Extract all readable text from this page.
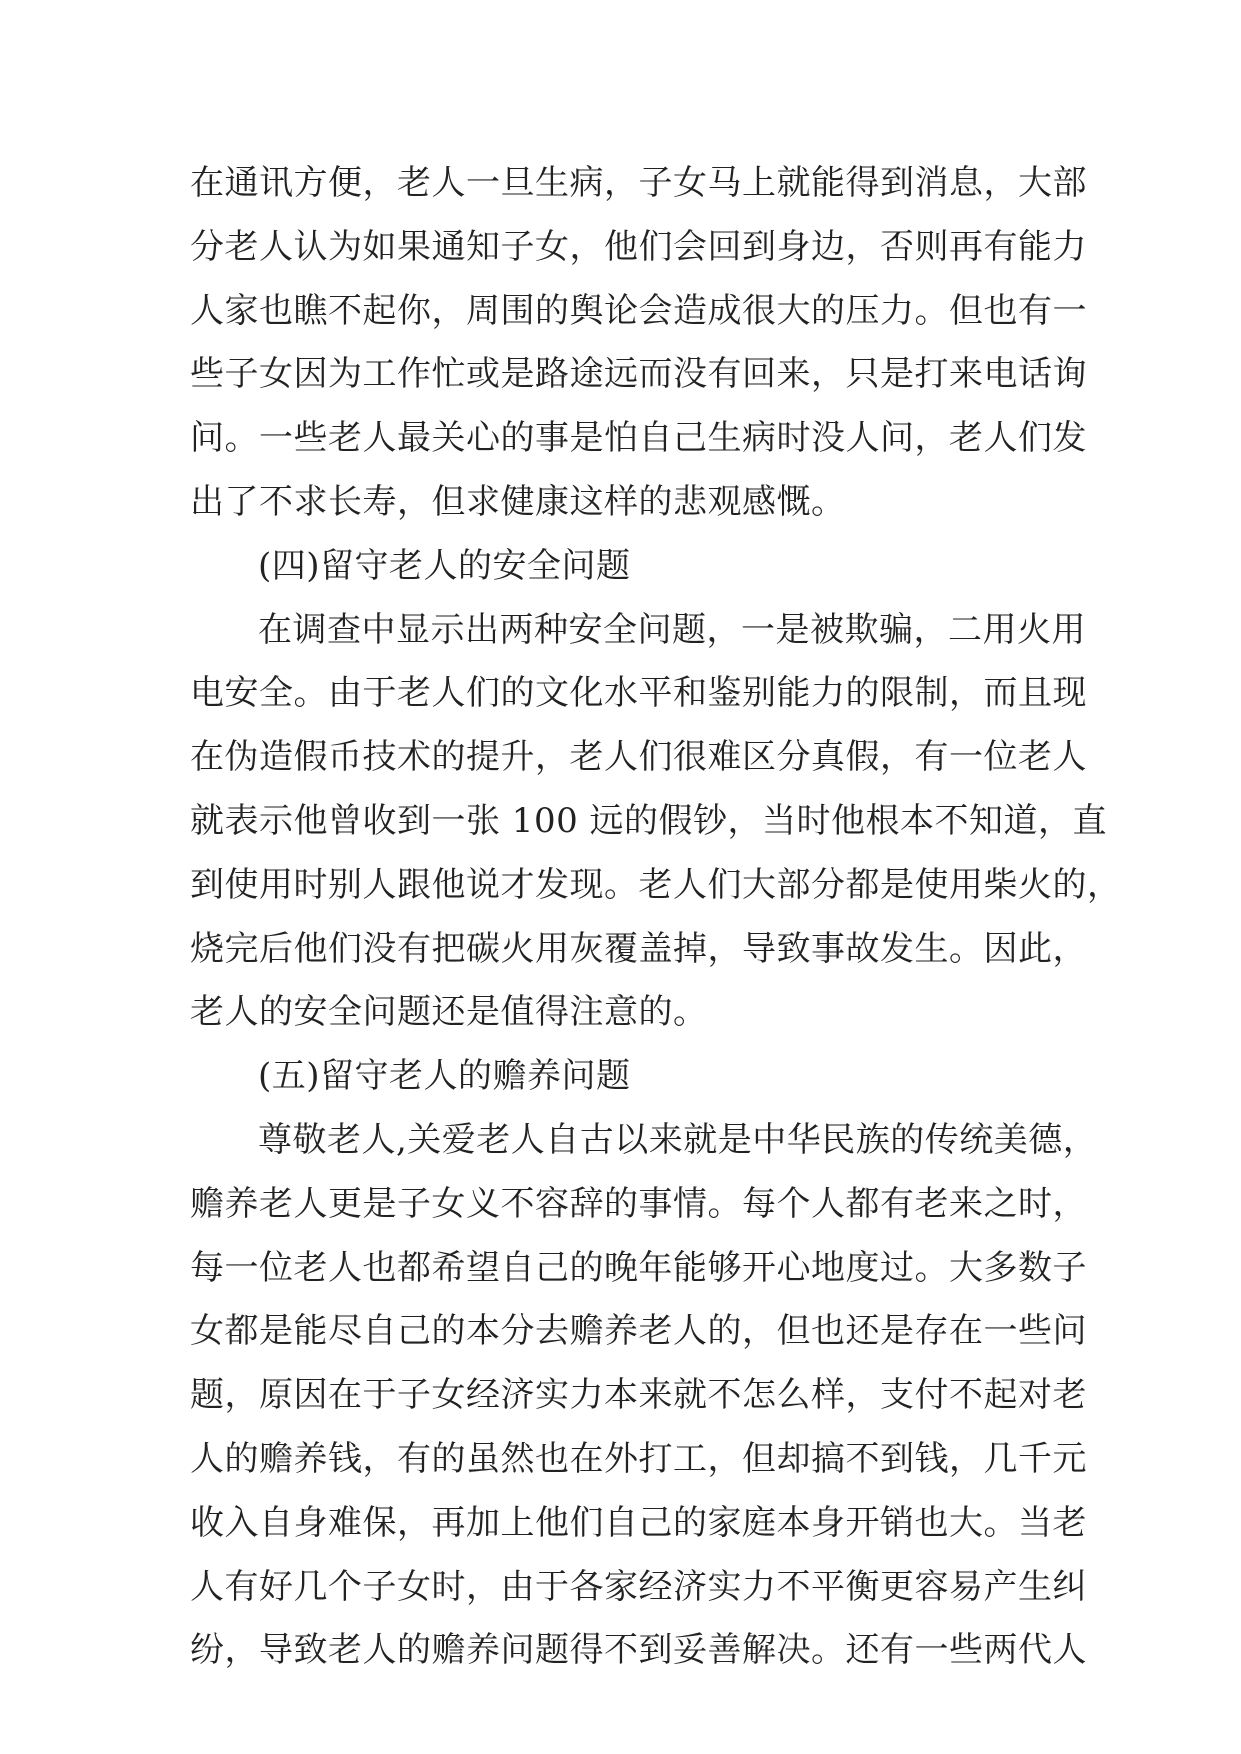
在通讯方便，老人一旦生病，子女马上就能得到消息，大部
分老人认为如果通知子女，他们会回到身边，否则再有能力
人家也瞧不起你，周围的舆论会造成很大的压力。但也有一
些子女因为工作忙或是路途远而没有回来，只是打来电话询
问。一些老人最关心的事是怕自己生病时没人问，老人们发
出了不求长寿，但求健康这样的悲观感慨。
(四)留守老人的安全问题
在调查中显示出两种安全问题，一是被欺骗，二用火用
电安全。由于老人们的文化水平和鉴别能力的限制，而且现
在伪造假币技术的提升，老人们很难区分真假，有一位老人
就表示他曾收到一张 100 远的假钞，当时他根本不知道，直
到使用时别人跟他说才发现。老人们大部分都是使用柴火的，
烧完后他们没有把碳火用灰覆盖掉，导致事故发生。因此，
老人的安全问题还是值得注意的。
(五)留守老人的赡养问题
尊敬老人,关爱老人自古以来就是中华民族的传统美德，
赡养老人更是子女义不容辞的事情。每个人都有老来之时，
每一位老人也都希望自己的晚年能够开心地度过。大多数子
女都是能尽自己的本分去赡养老人的，但也还是存在一些问
题，原因在于子女经济实力本来就不怎么样，支付不起对老
人的赡养钱，有的虽然也在外打工，但却搞不到钱，几千元
收入自身难保，再加上他们自己的家庭本身开销也大。当老
人有好几个子女时，由于各家经济实力不平衡更容易产生纠
纷，导致老人的赡养问题得不到妥善解决。还有一些两代人
